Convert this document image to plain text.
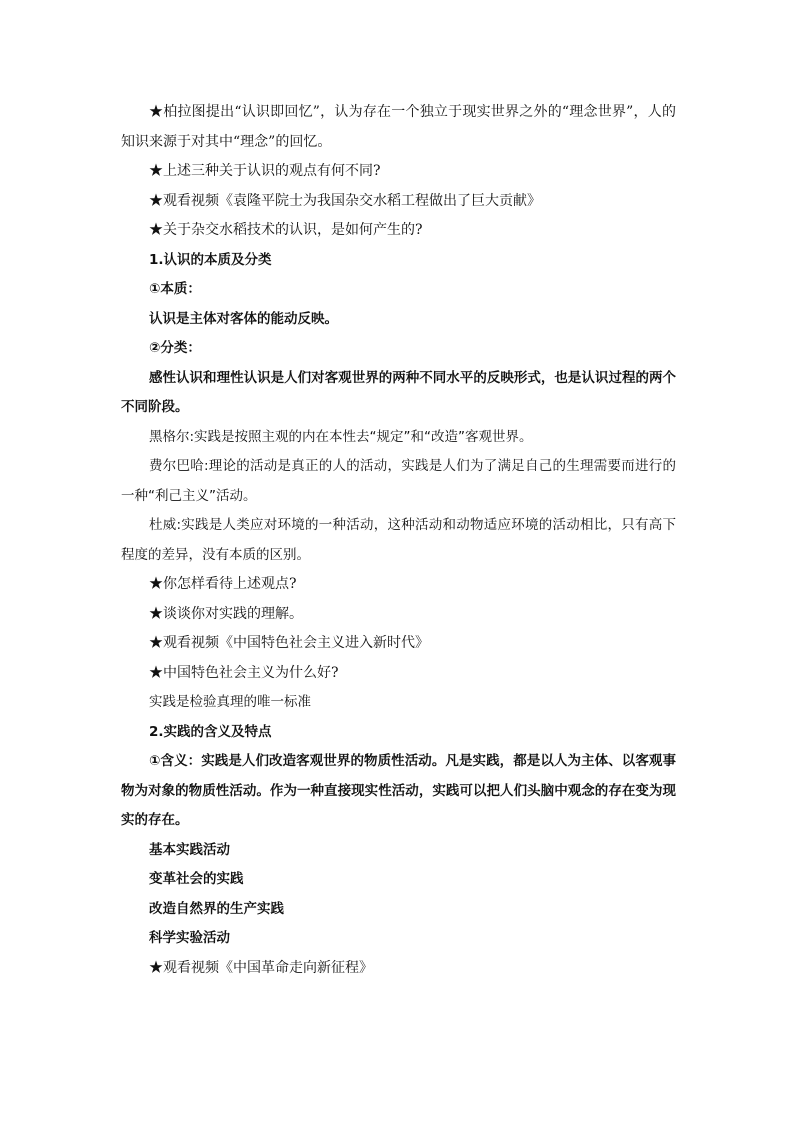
★柏拉图提出“认识即回忆”，认为存在一个独立于现实世界之外的“理念世界”，人的知识来源于对其中“理念”的回忆。

★上述三种关于认识的观点有何不同?

★观看视频《袁隆平院士为我国杂交水稻工程做出了巨大贡献》

★关于杂交水稻技术的认识，是如何产生的?

1.认识的本质及分类

①本质：

认识是主体对客体的能动反映。

②分类：

感性认识和理性认识是人们对客观世界的两种不同水平的反映形式，也是认识过程的两个不同阶段。

黑格尔:实践是按照主观的内在本性去“规定”和“改造”客观世界。

费尔巴哈:理论的活动是真正的人的活动，实践是人们为了满足自己的生理需要而进行的一种“利己主义”活动。

杜威:实践是人类应对环境的一种活动，这种活动和动物适应环境的活动相比，只有高下程度的差异，没有本质的区别。

★你怎样看待上述观点?

★谈谈你对实践的理解。

★观看视频《中国特色社会主义进入新时代》

★中国特色社会主义为什么好?

实践是检验真理的唯一标准

2.实践的含义及特点

①含义：实践是人们改造客观世界的物质性活动。凡是实践，都是以人为主体、以客观事物为对象的物质性活动。作为一种直接现实性活动，实践可以把人们头脑中观念的存在变为现实的存在。

基本实践活动

变革社会的实践

改造自然界的生产实践

科学实验活动

★观看视频《中国革命走向新征程》
